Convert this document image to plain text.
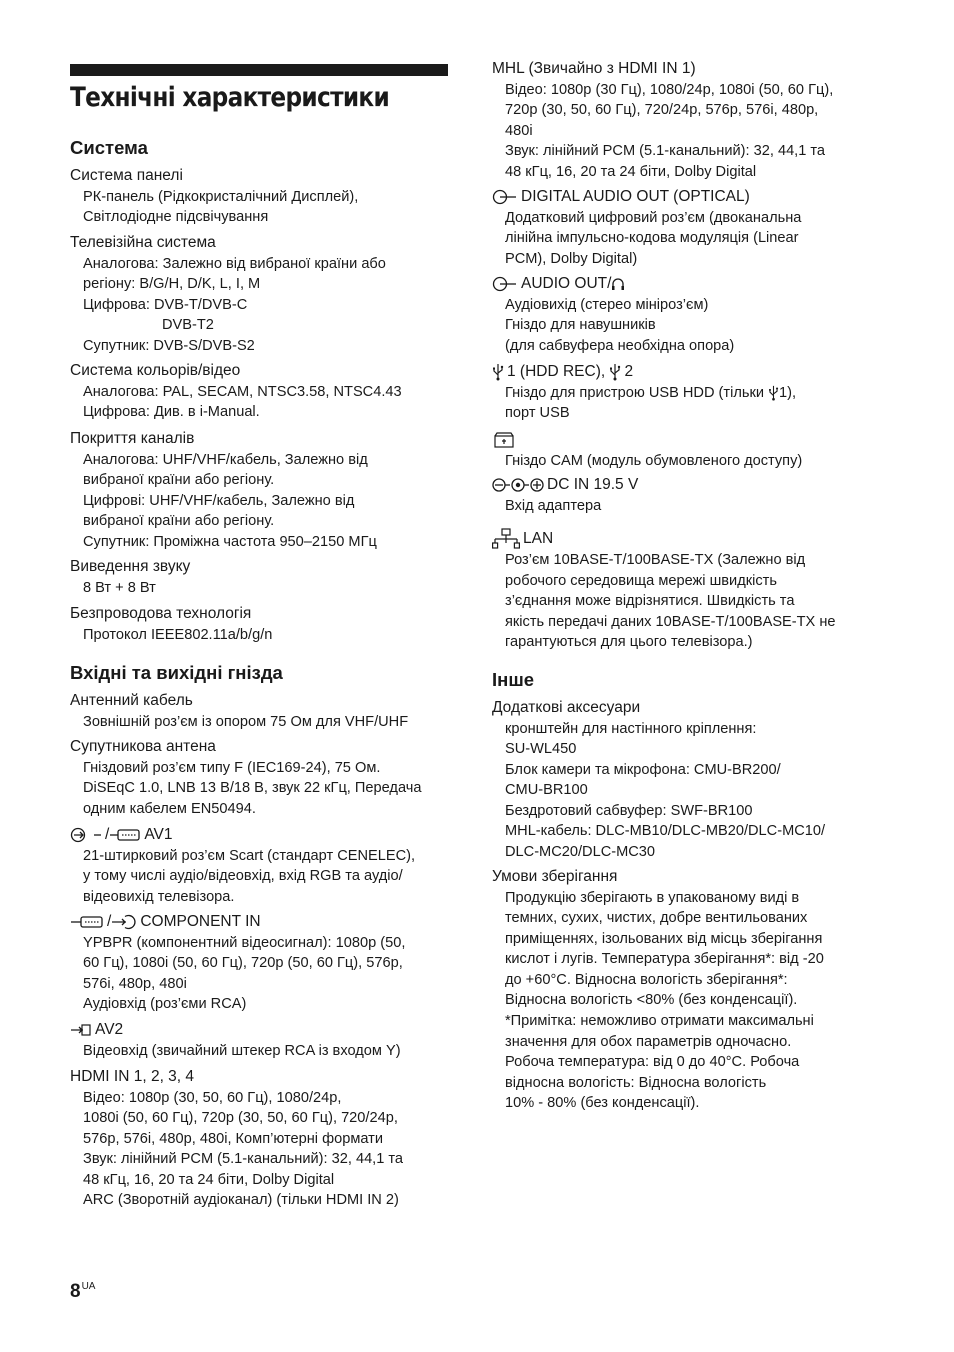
Технічні характеристики
Система
Система панелі
РК-панель (Рідкокристалічний Дисплей),
Світлодіодне підсвічування
Телевізійна система
Аналогова: Залежно від вибраної країни або
регіону: B/G/H, D/K, L, I, M
Цифрова: DVB-T/DVB-C
DVB-T2
Супутник: DVB-S/DVB-S2
Система кольорів/відео
Аналогова: PAL, SECAM, NTSC3.58, NTSC4.43
Цифрова: Див. в i-Manual.
Покриття каналів
Аналогова: UHF/VHF/кабель, Залежно від
вибраної країни або регіону.
Цифрові: UHF/VHF/кабель, Залежно від
вибраної країни або регіону.
Супутник: Проміжна частота 950–2150 МГц
Виведення звуку
8 Вт + 8 Вт
Безпроводова технологія
Протокол IEEE802.11a/b/g/n
Вхідні та вихідні гнізда
Антенний кабель
Зовнішній роз’єм із опором 75 Ом для VHF/UHF
Супутникова антена
Гніздовий роз’єм типу F (IEC169-24), 75 Ом.
DiSEqC 1.0, LNB 13 В/18 В, звук 22 кГц, Передача
одним кабелем EN50494.
/ AV1
21-штирковий роз’єм Scart (стандарт CENELEC),
у тому числі аудіо/відеовхід, вхід RGB та аудіо/
відеовихід телевізора.
/ COMPONENT IN
YPBPR (компонентний відеосигнал): 1080p (50,
60 Гц), 1080i (50, 60 Гц), 720p (50, 60 Гц), 576p,
576i, 480p, 480i
Аудіовхід (роз’єми RCA)
AV2
Відеовхід (звичайний штекер RCA із входом Y)
HDMI IN 1, 2, 3, 4
Відео: 1080p (30, 50, 60 Гц), 1080/24p,
1080i (50, 60 Гц), 720p (30, 50, 60 Гц), 720/24p,
576p, 576i, 480p, 480i, Комп’ютерні формати
Звук: лінійний PCM (5.1-канальний): 32, 44,1 та
48 кГц, 16, 20 та 24 біти, Dolby Digital
ARC (Зворотній аудіоканал) (тільки HDMI IN 2)
MHL (Звичайно з HDMI IN 1)
Відео: 1080p (30 Гц), 1080/24p, 1080i (50, 60 Гц),
720p (30, 50, 60 Гц), 720/24p, 576p, 576i, 480p,
480i
Звук: лінійний PCM (5.1-канальний): 32, 44,1 та
48 кГц, 16, 20 та 24 біти, Dolby Digital
DIGITAL AUDIO OUT (OPTICAL)
Додатковий цифровий роз’єм (двоканальна
лінійна імпульсно-кодова модуляція (Linear
PCM), Dolby Digital)
AUDIO OUT/
Аудіовихід (стерео мініроз’єм)
Гніздо для навушників
(для сабвуфера необхідна опора)
1 (HDD REC),
2
Гніздо для пристрою USB HDD (тільки
1),
порт USB
Гніздо CAM (модуль обумовленого доступу)
DC IN 19.5 V
Вхід адаптера
LAN
Роз’єм 10BASE-T/100BASE-TX (Залежно від
робочого середовища мережі швидкість
з’єднання може відрізнятися. Швидкість та
якість передачі даних 10BASE-T/100BASE-TX не
гарантуються для цього телевізора.)
Інше
Додаткові аксесуари
кронштейн для настінного кріплення:
SU-WL450
Блок камери та мікрофона: CMU-BR200/
CMU-BR100
Бездротовий сабвуфер: SWF-BR100
MHL-кабель: DLC-MB10/DLC-MB20/DLC-MC10/
DLC-MC20/DLC-MC30
Умови зберігання
Продукцію зберігають в упакованому виді в
темних, сухих, чистих, добре вентильованих
приміщеннях, ізольованих від місць зберігання
кислот і лугів. Температура зберігання*: від -20
до +60°C. Відносна вологість зберігання*:
Відносна вологість <80% (без конденсації).
*Примітка: неможливо отримати максимальні
значення для обох параметрів одночасно.
Робоча температура: від 0 до 40°C. Робоча
відносна вологість: Відносна вологість
10% - 80% (без конденсації).
$8^{UA}$
